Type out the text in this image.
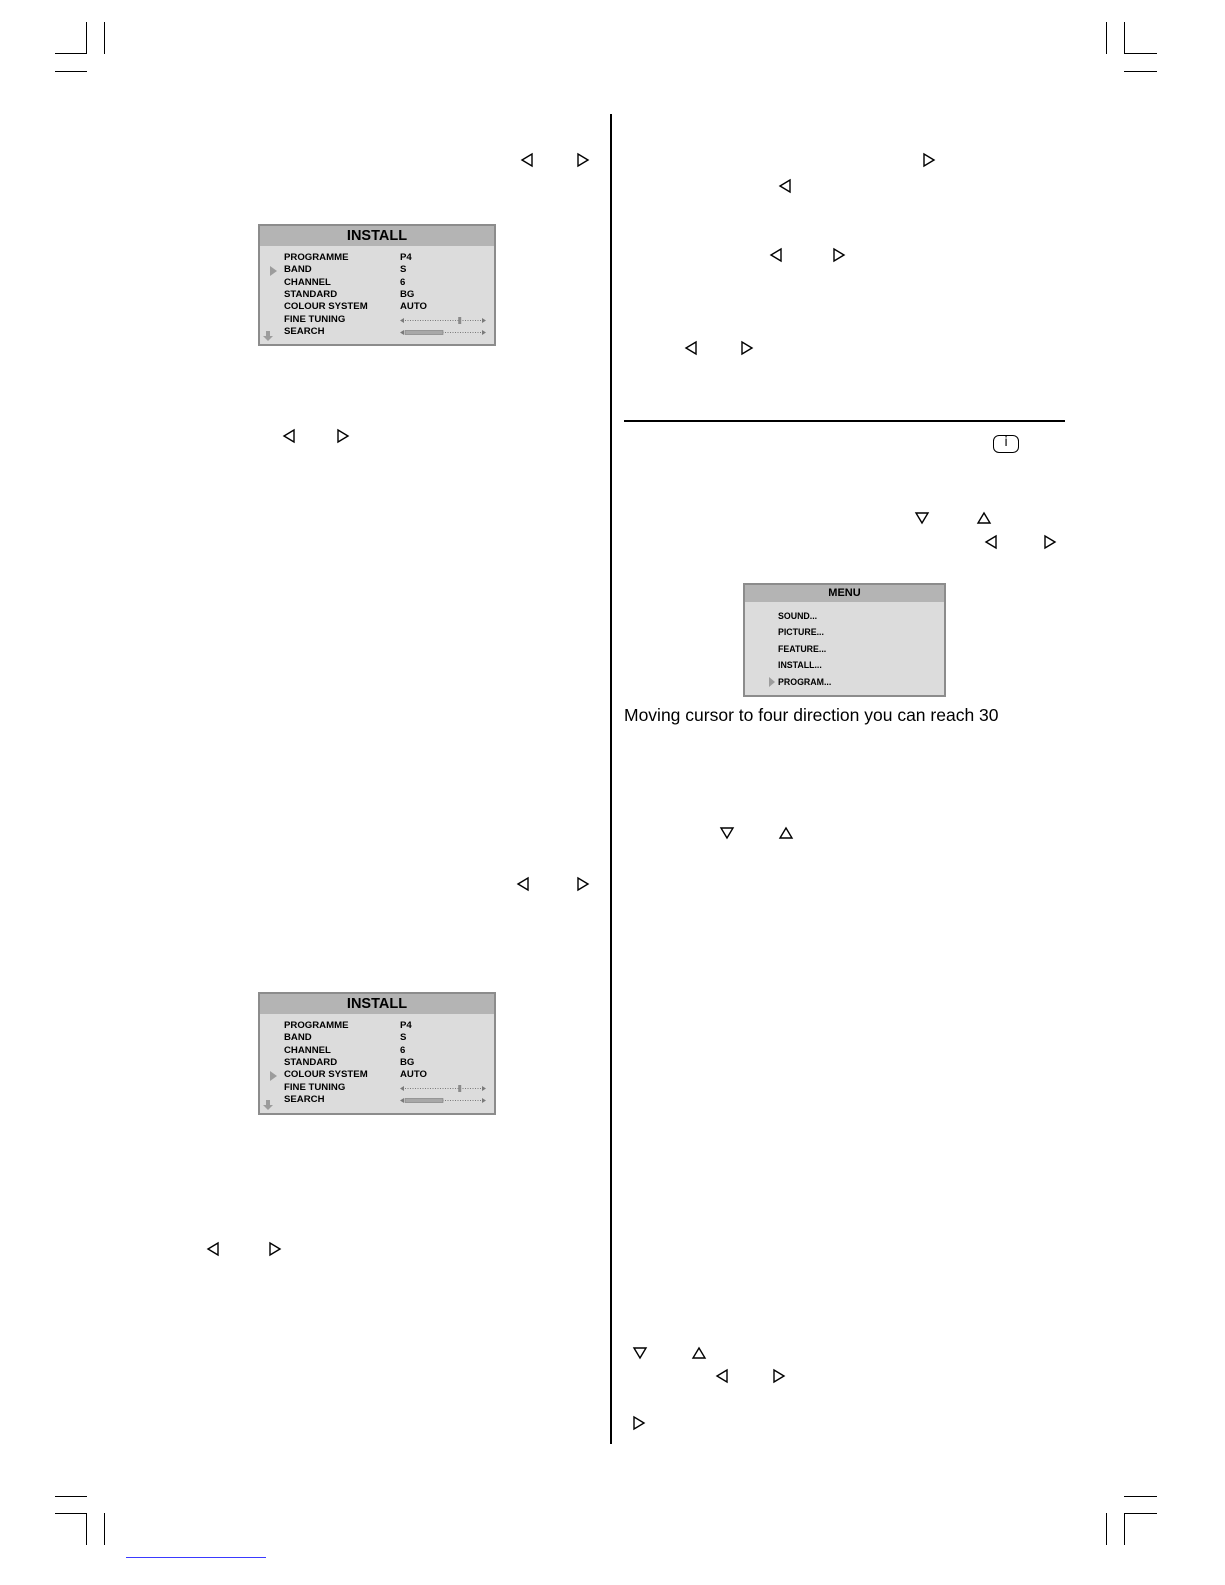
INSTALL
PROGRAMME	P4
BAND	S
CHANNEL	6
STANDARD	BG
COLOUR SYSTEM	AUTO
FINE TUNING
SEARCH
INSTALL
PROGRAMME	P4
BAND	S
CHANNEL	6
STANDARD	BG
COLOUR SYSTEM	AUTO
FINE TUNING
SEARCH
MENU
SOUND...
PICTURE...
FEATURE...
INSTALL...
PROGRAM...
i
Moving cursor to four direction you can reach 30
